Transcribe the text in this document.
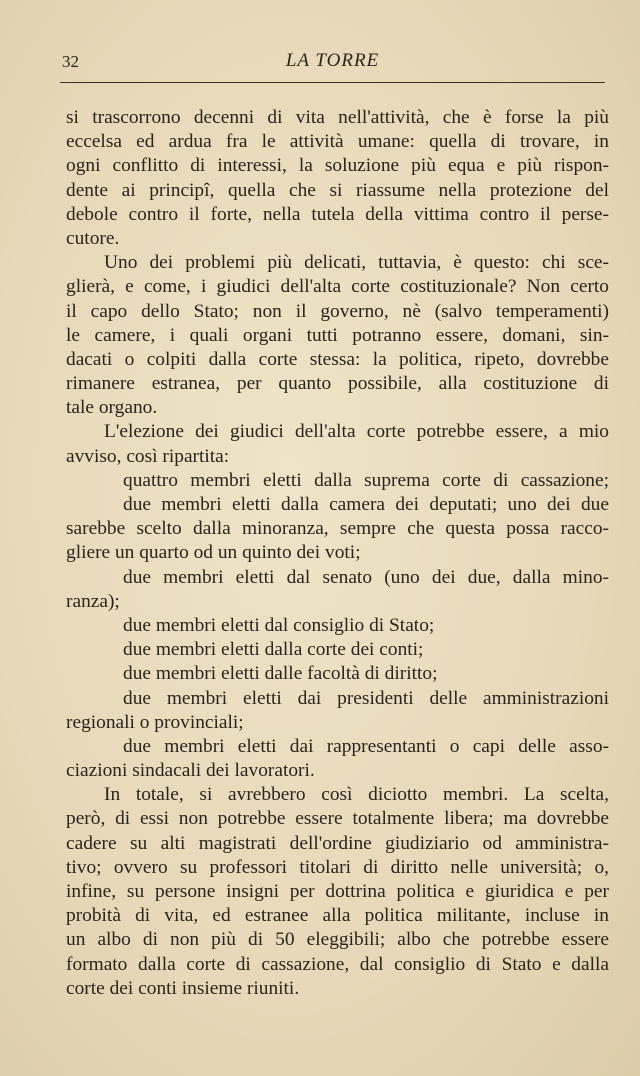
32	LA TORRE
si trascorrono decenni di vita nell'attività, che è forse la più
eccelsa ed ardua fra le attività umane: quella di trovare, in
ogni conflitto di interessi, la soluzione più equa e più rispon-
dente ai principî, quella che si riassume nella protezione del
debole contro il forte, nella tutela della vittima contro il perse-
cutore.
Uno dei problemi più delicati, tuttavia, è questo: chi sce-
glierà, e come, i giudici dell'alta corte costituzionale? Non certo
il capo dello Stato; non il governo, nè (salvo temperamenti)
le camere, i quali organi tutti potranno essere, domani, sin-
dacati o colpiti dalla corte stessa: la politica, ripeto, dovrebbe
rimanere estranea, per quanto possibile, alla costituzione di
tale organo.
L'elezione dei giudici dell'alta corte potrebbe essere, a mio
avviso, così ripartita:
quattro membri eletti dalla suprema corte di cassazione;
due membri eletti dalla camera dei deputati; uno dei due
sarebbe scelto dalla minoranza, sempre che questa possa racco-
gliere un quarto od un quinto dei voti;
due membri eletti dal senato (uno dei due, dalla mino-
ranza);
due membri eletti dal consiglio di Stato;
due membri eletti dalla corte dei conti;
due membri eletti dalle facoltà di diritto;
due membri eletti dai presidenti delle amministrazioni
regionali o provinciali;
due membri eletti dai rappresentanti o capi delle asso-
ciazioni sindacali dei lavoratori.
In totale, si avrebbero così diciotto membri. La scelta,
però, di essi non potrebbe essere totalmente libera; ma dovrebbe
cadere su alti magistrati dell'ordine giudiziario od amministra-
tivo; ovvero su professori titolari di diritto nelle università; o,
infine, su persone insigni per dottrina politica e giuridica e per
probità di vita, ed estranee alla politica militante, incluse in
un albo di non più di 50 eleggibili; albo che potrebbe essere
formato dalla corte di cassazione, dal consiglio di Stato e dalla
corte dei conti insieme riuniti.
